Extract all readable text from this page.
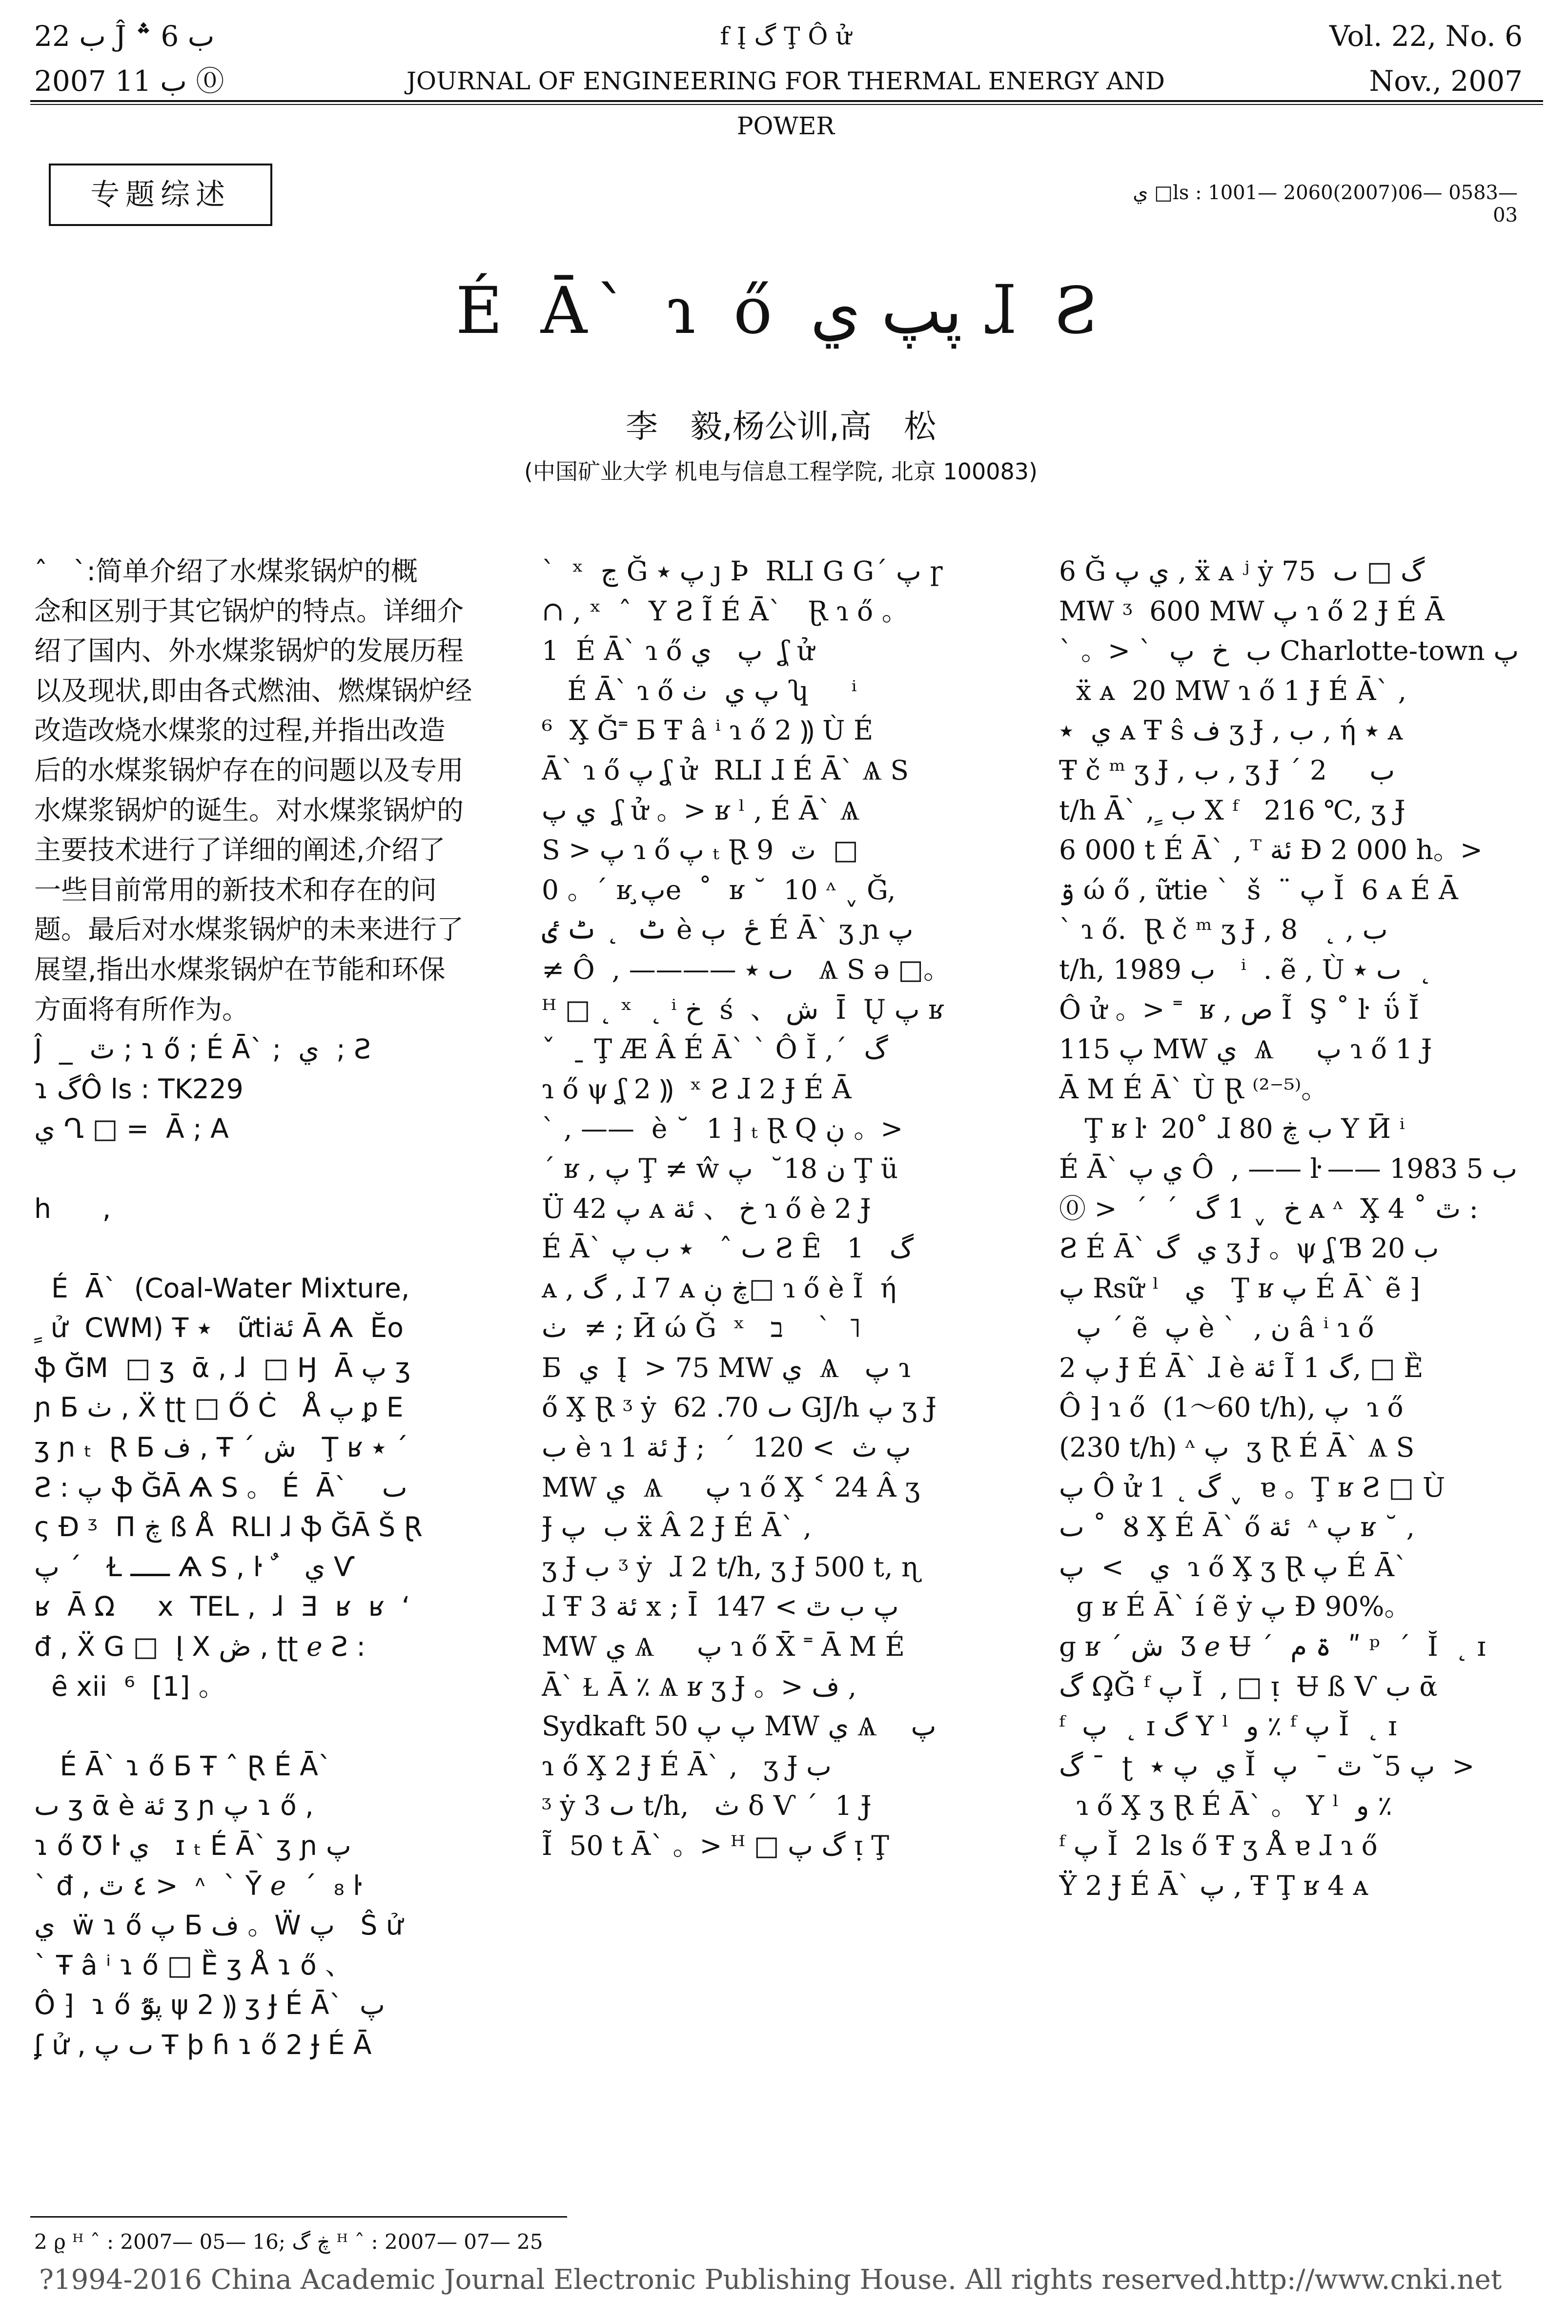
ب 22 Ĵ ب 6 ؞
2007 ب 11 ⓪
f Į گ Ţ Ô ử
JOURNAL OF ENGINEERING FOR THERMAL ENERGY AND POWER
Vol. 22, No. 6
Nov., 2007
专题综述	ي □ls : 1001— 2060(2007)06— 0583— 03
É Ā` ɿ ő پپ ي ɺ Ƨ
李　毅,杨公训,高　松
(中国矿业大学 机电与信息工程学院, 北京 100083)
ˆ   ˋ:简单介绍了水煤浆锅炉的概
念和区别于其它锅炉的特点。详细介
绍了国内、外水煤浆锅炉的发展历程
以及现状,即由各式燃油、燃煤锅炉经
改造改烧水煤浆的过程,并指出改造
后的水煤浆锅炉存在的问题以及专用
水煤浆锅炉的诞生。对水煤浆锅炉的
主要技术进行了详细的阐述,介绍了
一些目前常用的新技术和存在的问
题。最后对水煤浆锅炉的未来进行了
展望,指出水煤浆锅炉在节能和环保
方面将有所作为。
Ĵ  _  ٿ ; ɿ ő ; É Ā` ;  ي  ; Ƨ
ɿ گÔ ls : TK229
ي Ղ □ =  Ā ; A

h      ,

É  Ā`  (Coal-Water Mixture,
ٍ ử  CWM) Ŧ ٭   ữtiئة Ā Ѧ  Ӗo
ֆ Ğ̈M  □ ʒ  ᾱ , ɺ  □ Ӈ  Ā پ ʒ
ɲ Б ٺ , Ẍ ʈʈ □ Ő Ċ   Å پ ᵱ E
ʒ ɲ ₜ  Ɽ Б ف , Ŧ ˊ ش   Ţ ʁ ٭ ˊ
Ƨ : پ ֆ ĞĀ Ѧ S 。 É  Ā`    ٮ
ς Đ ᶾ  П ڿ ß Å  RLI ɺ ֆ ĞĀ Š Ɽ
پ ˊ   Ɫ ـــــ Ѧ S , ŀ  ٌ   ي Ѵ
ʁ  Ā Ω     x  TEL ,  ɺ  Ǝ  ʁ  ʁ  ʻ
đ , Ẍ G □  Į X ڞ , ʈʈ ℯ Ƨ :
ȇ xii  ⁶  [1] 。

É Ā` ɿ ő Ƃ Ŧ ˆ Ɽ É Ā`
ٮ ʒ ᾱ è ئة ʒ ɲ پ ɿ ő ,
ɿ ő Ʊ ŀ ي   ɪ ₜ É Ā` ʒ ɲ پ
ˋ đ , ٤ ٿ >  ᶺ  ˋ Ȳ ℯ  ˊ  ₈ ŀ
ي  ẅ ɿ ő پ Б ف 。Ẅ پ   Ŝ ử
ˋ Ŧ â ⁱ ɿ ő □ Ȅ ʒ Å ɿ ő 、
Ô ⁆  ɿ ő پٷ ψ 2 ⸩ ʒ Ɉ É Ā`  پ
ʆ ử , ٮ پ Ŧ ϸ ɦ ɿ ő 2 Ɉ É Ā
ˋ  ˣ  ڃ Ğ پ ٭ ȷ Þ  RLI G Gˊ پ ɼ
∩ , ˣ  ˆ  Y Ƨ Ĩ É Ā`   Ɽ ɿ ő 。
1  É Ā` ɿ ő پ   ي  ʆ ử
É Ā` ɿ ő پ ي  ٺ ʮ     ⁱ
⁶  X̧ Ğ˭ Ƃ Ŧ â ⁱ ɿ ő 2 ⸩ Ù É
Ā` ɿ ő پ ʆ ử  RLI ɺ É Ā` Ѧ S
ي پ  ʆ ử 。> ʁ ˡ , É Ā` Ѧ
S > پ ɿ ő پ ₜ Ɽ 9  ٽ  □
0 。ˊ ʁ پ̧e  ˚  ʁ ˘  10 ᶺ ˬ Ğ,
ٹ  ˛ ٹ ٸ è ځ  ٻ É Ā` ʒ ɲ پ
≠ Ô  , ———— ٮ ٭   Ѧ S ə □。
ᴴ □ ˛ ˣ  ˛ ⁱ خ  ś  、 ش  Ī  Ų پ ʁ
ˇ  ˍ Ţ Æ Â É Ā` ˋ Ô Ĭ ,ˊ  گ
ɿ ő ψ ʆ 2 ⸩  ˣ Ƨ ɺ 2 Ɉ É Ā
ˋ , ——  è ˘  1 ⁆ ₜ Ɽ Q ڹ 。>
ˊ ʁ , پ Ţ ≠ ŵ ن 18˘  پ Ţ ü
Ü پ 42 ᴀ خ 、 ئة ɿ ő è 2 Ɉ
É Ā` ٮ ˆ   ٭ ب پ Ƨ Ȇ   گ   1
ᴀ , گ , ɺ 7 ᴀ ڿ ڹ□ ɿ ő è Ĩ  ή
ٺ  ≠ ; Ӣ ώ Ğ  ˣ   ב    ˋ  ˥
Б  ي  Į  > 75 MW ي  Ѧ   پ ɿ
ő X̧ Ɽ ᶾ ẏ  ٮ 70. 62 GJ/h پ ʒ Ɉ
ب è ɿ ئة 1 Ɉ ;  ˊ  پ ث  > 120
MW ي  Ѧ     پ ɿ ő X̧ ˂ 24 Â ʒ
Ɉ ب  پ ẍ Â 2 Ɉ É Ā` ,
ʒ Ɉ ب ᶾ ẏ  ɺ 2 t/h, ʒ Ɉ 500 t, ɳ
ɺ Ŧ ئة 3 x ; Ī  پ ب ٿ > 147
MW ي Ѧ     پ ɿ ő X̄ ˭ Ā M É
Ā` Ɫ Ā ٪ Ѧ ʁ ʒ Ɉ 。> ف ,
Sydkaft پ پ 50 MW ي Ѧ    پ
ɿ ő X̧ 2 Ɉ É Ā` ,   ʒ Ɉ ب
ᶾ ẏ ٮ 3 t/h,   ث δ Ѵ ˊ  1 Ɉ
Ĩ  50 t Ā` 。> ᴴ □ گ پ ᴉ Ţ
6 Ğ ي پ , ẍ ᴀ ʲ ẏ گ □ ٮ  75
MW ᶾ  600 MW پ ɿ ő 2 Ɉ É Ā
ˋ 。> ˋ  ب  خ  پ Charlotte-town پ
ẍ ᴀ  20 MW ɿ ő 1 Ɉ É Ā` ,
ي  ٭ ᴀ Ŧ ŝ ف ʒ Ɉ , ب , ή ٭ ᴀ
Ŧ č ᵐ ʒ Ɉ , ب , ʒ Ɉ ˊ ب     2
t/h Ā` , ٍ ب X ᶠ   216 ℃, ʒ Ɉ
6 000 t É Ā` , ᵀ ئة Ɖ 2 000 h。>
ۊ ώ ő , ữtie ˋ  š  ¨ پ Ĭ  6 ᴀ É Ā
ˋ ɿ ő.  Ɽ č ᵐ ʒ Ɉ , ب , ˛   8
t/h, 1989 ب   ⁱ  . ẽ , Ù ٮ ٭  ˛
Ô ử 。> ˭  ʁ , ص Ĩ  Ş ˚ ŀ  ΰ Ĭ
پ 115 MW ي  Ѧ     پ ɿ ő 1 Ɉ
Ā M É Ā` Ù Ɽ ⁽²⁻⁵⁾。
Ţ ʁ ŀ  20˚ ɺ 80 ب ڿ Y Ӣ ⁱ
É Ā` ي پ Ô  , —— ŀ —— 1983 ب 5
⓪ >  ˊ  ˊ  خ  ˬ 1 گ ᴀ ᶺ  X̧ 4 ˚ ٿ :
Ƨ É Ā` ي  گ ʒ Ɉ 。ψ ʆ Ɓ 20 ب
پ Rsữ ˡ   ي   Ţ ʁ پ É Ā` ẽ ⁆
پ ˊ ẽ  پ è ˋ  , ن â ⁱ ɿ ő
پ 2 Ɉ É Ā` ɺ è ئة Ĩ 1 گ, □ Ȅ
Ô ⁆ ɿ ő  (1～60 t/h), پ  ɿ ő
(230 t/h) ᶺ پ  ʒ Ɽ É Ā` Ѧ S
پ Ô ử 1 ˛ گ ˬ  ɐ 。Ţ ʁ Ƨ □ Ù
ٮ ˚  Ȣ X̧ É Ā` ő ئة  ᶺ پ ʁ ˘ ,
ي   >  پ  ɿ ő X̧ ʒ Ɽ پ É Ā`
ɡ ʁ É Ā` í ẽ ẏ پ Đ 90%。
ɡ ʁ ˊ ش  Ʒ ℯ Ʉ ˊ  ۃ م  ʺ ᵖ  ˊ  Ĭ  ˛ ɪ
گ Ω̧Ğ ᶠ پ Ĭ  , □ ᴉ  Ʉ ß Ѵ ب ᾱ
ᶠ  پ  ˛ ɪ گ Y ˡ  و ٪ ᶠ پ Ĭ  ˛ ɪ
گ ˉ  ʈ  ي  پ ٭ Ĭ  پ 5˘ ٿ ˉ  پ  >
ɿ ő X̧ ʒ Ɽ É Ā` 。 Y ˡ  و ٪
ᶠ پ Ĭ  2 ls ő Ŧ ʒ Å ɐ ɺ ɿ ő
Ÿ 2 Ɉ É Ā` پ , Ŧ Ţ ʁ 4 ᴀ
2 ϱ ᴴ ˆ : 2007— 05— 16; ڿ گ ᴴ ˆ : 2007— 07— 25
?1994-2016 China Academic Journal Electronic Publishing House. All rights reserved.
http://www.cnki.net
